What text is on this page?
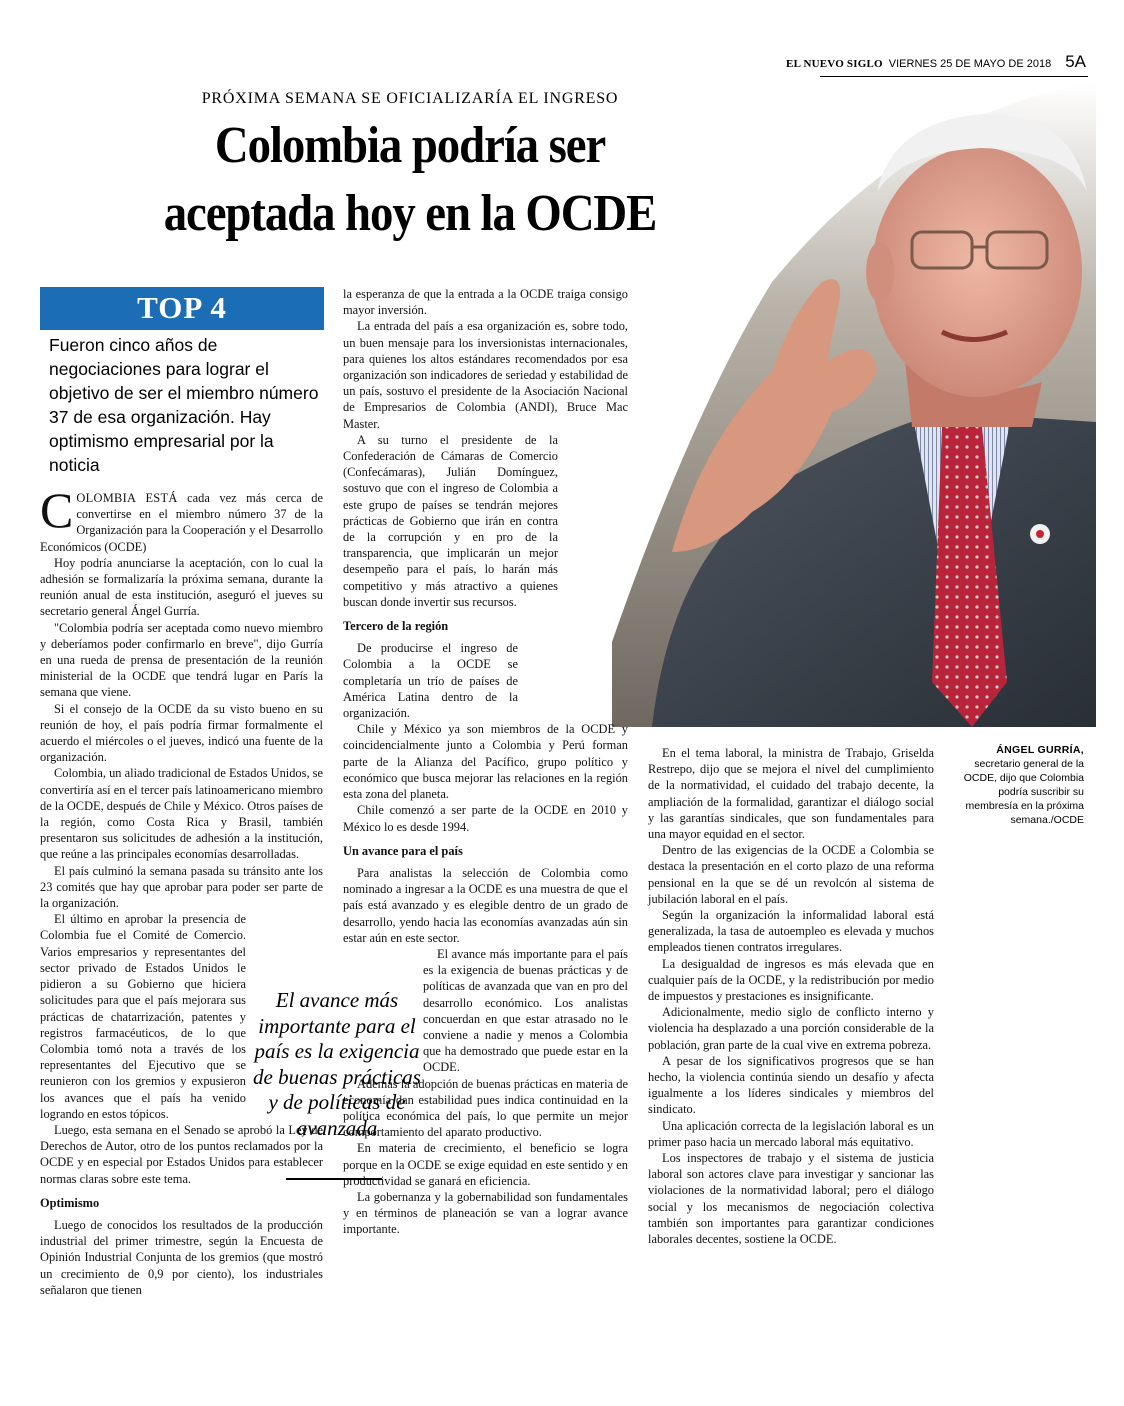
EL NUEVO SIGLO VIERNES 25 DE MAYO DE 2018 5A
PRÓXIMA SEMANA SE OFICIALIZARÍA EL INGRESO
Colombia podría ser
aceptada hoy en la OCDE
TOP 4
Fueron cinco años de negociaciones para lograr el objetivo de ser el miembro número 37 de esa organización. Hay optimismo empresarial por la noticia

COLOMBIA ESTÁ cada vez más cerca de convertirse en el miembro número 37 de la Organización para la Cooperación y el Desarrollo Económicos (OCDE)

Hoy podría anunciarse la aceptación, con lo cual la adhesión se formalizaría la próxima semana, durante la reunión anual de esta institución, aseguró el jueves su secretario general Ángel Gurría.

"Colombia podría ser aceptada como nuevo miembro y deberíamos poder confirmarlo en breve", dijo Gurría en una rueda de prensa de presentación de la reunión ministerial de la OCDE que tendrá lugar en París la semana que viene.

Si el consejo de la OCDE da su visto bueno en su reunión de hoy, el país podría firmar formalmente el acuerdo el miércoles o el jueves, indicó una fuente de la organización.

Colombia, un aliado tradicional de Estados Unidos, se convertiría así en el tercer país latinoamericano miembro de la OCDE, después de Chile y México. Otros países de la región, como Costa Rica y Brasil, también presentaron sus solicitudes de adhesión a la institución, que reúne a las principales economías desarrolladas.

El país culminó la semana pasada su tránsito ante los 23 comités que hay que aprobar para poder ser parte de la organización.

El último en aprobar la presencia de Colombia fue el Comité de Comercio. Varios empresarios y representantes del sector privado de Estados Unidos le pidieron a su Gobierno que hiciera solicitudes para que el país mejorara sus prácticas de chatarrización, patentes y registros farmacéuticos, de lo que Colombia tomó nota a través de los representantes del Ejecutivo que se reunieron con los gremios y expusieron los avances que el país ha venido logrando en estos tópicos.

Luego, esta semana en el Senado se aprobó la Ley de Derechos de Autor, otro de los puntos reclamados por la OCDE y en especial por Estados Unidos para establecer normas claras sobre este tema.

Optimismo

Luego de conocidos los resultados de la producción industrial del primer trimestre, según la Encuesta de Opinión Industrial Conjunta de los gremios (que mostró un crecimiento de 0,9 por ciento), los industriales señalaron que tienen

la esperanza de que la entrada a la OCDE traiga consigo mayor inversión.

La entrada del país a esa organización es, sobre todo, un buen mensaje para los inversionistas internacionales, para quienes los altos estándares recomendados por esa organización son indicadores de seriedad y estabilidad de un país, sostuvo el presidente de la Asociación Nacional de Empresarios de Colombia (ANDI), Bruce Mac Master.

A su turno el presidente de la Confederación de Cámaras de Comercio (Confecámaras), Julián Domínguez, sostuvo que con el ingreso de Colombia a este grupo de países se tendrán mejores prácticas de Gobierno que irán en contra de la corrupción y en pro de la transparencia, que implicarán un mejor desempeño para el país, lo harán más competitivo y más atractivo a quienes buscan donde invertir sus recursos.

Tercero de la región

De producirse el ingreso de Colombia a la OCDE se completaría un trío de países de América Latina dentro de la organización.

Chile y México ya son miembros de la OCDE y coincidencialmente junto a Colombia y Perú forman parte de la Alianza del Pacífico, grupo político y económico que busca mejorar las relaciones en la región esta zona del planeta.

Chile comenzó a ser parte de la OCDE en 2010 y México lo es desde 1994.

Un avance para el país

Para analistas la selección de Colombia como nominado a ingresar a la OCDE es una muestra de que el país está avanzado y es elegible dentro de un grado de desarrollo, yendo hacia las economías avanzadas aún sin estar aún en este sector.

El avance más importante para el país es la exigencia de buenas prácticas y de políticas de avanzada que van en pro del desarrollo económico. Los analistas concuerdan en que estar atrasado no le conviene a nadie y menos a Colombia que ha demostrado que puede estar en la OCDE.

Además la adopción de buenas prácticas en materia de economía dan estabilidad pues indica continuidad en la política económica del país, lo que permite un mejor comportamiento del aparato productivo.

En materia de crecimiento, el beneficio se logra porque en la OCDE se exige equidad en este sentido y en productividad se ganará en eficiencia.

La gobernanza y la gobernabilidad son fundamentales y en términos de planeación se van a lograr avance importante.

En el tema laboral, la ministra de Trabajo, Griselda Restrepo, dijo que se mejora el nivel del cumplimiento de la normatividad, el cuidado del trabajo decente, la ampliación de la formalidad, garantizar el diálogo social y las garantías sindicales, que son fundamentales para una mayor equidad en el sector.

Dentro de las exigencias de la OCDE a Colombia se destaca la presentación en el corto plazo de una reforma pensional en la que se dé un revolcón al sistema de jubilación laboral en el país.

Según la organización la informalidad laboral está generalizada, la tasa de autoempleo es elevada y muchos empleados tienen contratos irregulares.

La desigualdad de ingresos es más elevada que en cualquier país de la OCDE, y la redistribución por medio de impuestos y prestaciones es insignificante.

Adicionalmente, medio siglo de conflicto interno y violencia ha desplazado a una porción considerable de la población, gran parte de la cual vive en extrema pobreza.

A pesar de los significativos progresos que se han hecho, la violencia continúa siendo un desafío y afecta igualmente a los líderes sindicales y miembros del sindicato.

Una aplicación correcta de la legislación laboral es un primer paso hacia un mercado laboral más equitativo.

Los inspectores de trabajo y el sistema de justicia laboral son actores clave para investigar y sancionar las violaciones de la normatividad laboral; pero el diálogo social y los mecanismos de negociación colectiva también son importantes para garantizar condiciones laborales decentes, sostiene la OCDE.

El avance más importante para el país es la exigencia de buenas prácticas y de políticas de avanzada
ÁNGEL GURRÍA,
secretario general de la OCDE, dijo que Colombia podría suscribir su membresía en la próxima semana./OCDE
